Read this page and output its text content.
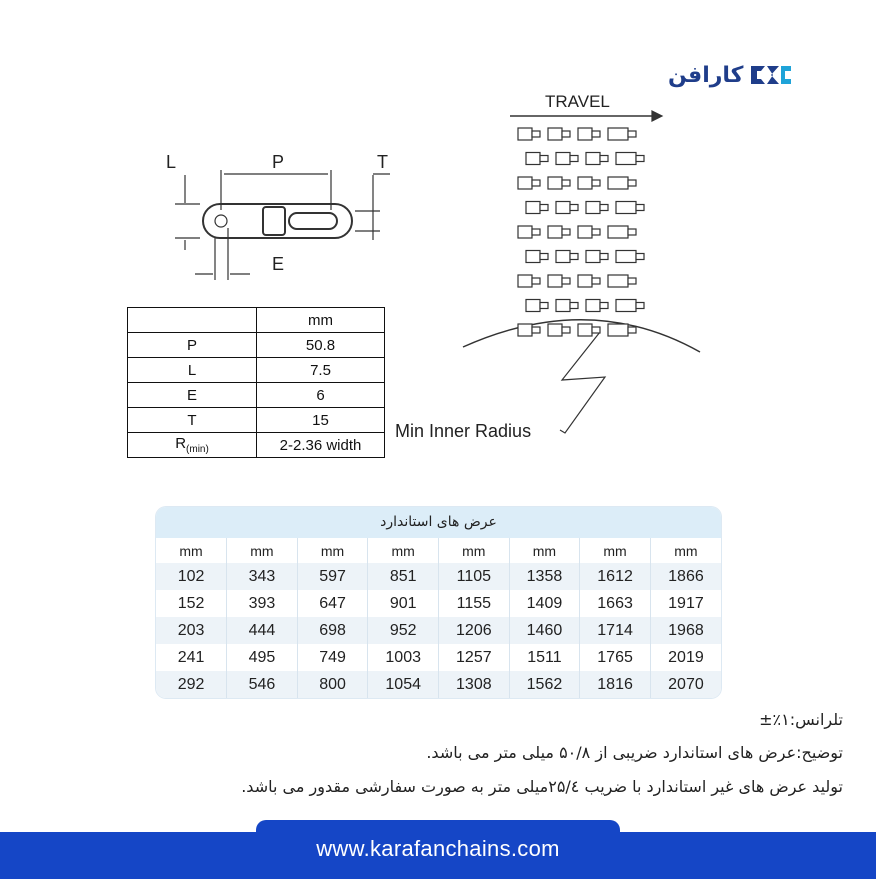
کارافن
L	P	T
E
TRAVEL
Min Inner Radius
	mm
P	50.8
L	7.5
E	6
T	15
$R_{(min)}$	2-2.36 width
عرض های استاندارد
mm	mm	mm	mm	mm	mm	mm	mm
102	343	597	851	1105	1358	1612	1866
152	393	647	901	1155	1409	1663	1917
203	444	698	952	1206	1460	1714	1968
241	495	749	1003	1257	1511	1765	2019
292	546	800	1054	1308	1562	1816	2070

تلرانس:۱٪±

توضیح:عرض های استاندارد ضریبی از ۵۰/۸ میلی متر می باشد.

تولید عرض های غیر استاندارد با ضریب ۲۵/٤میلی متر به صورت سفارشی مقدور می باشد.

www.karafanchains.com
